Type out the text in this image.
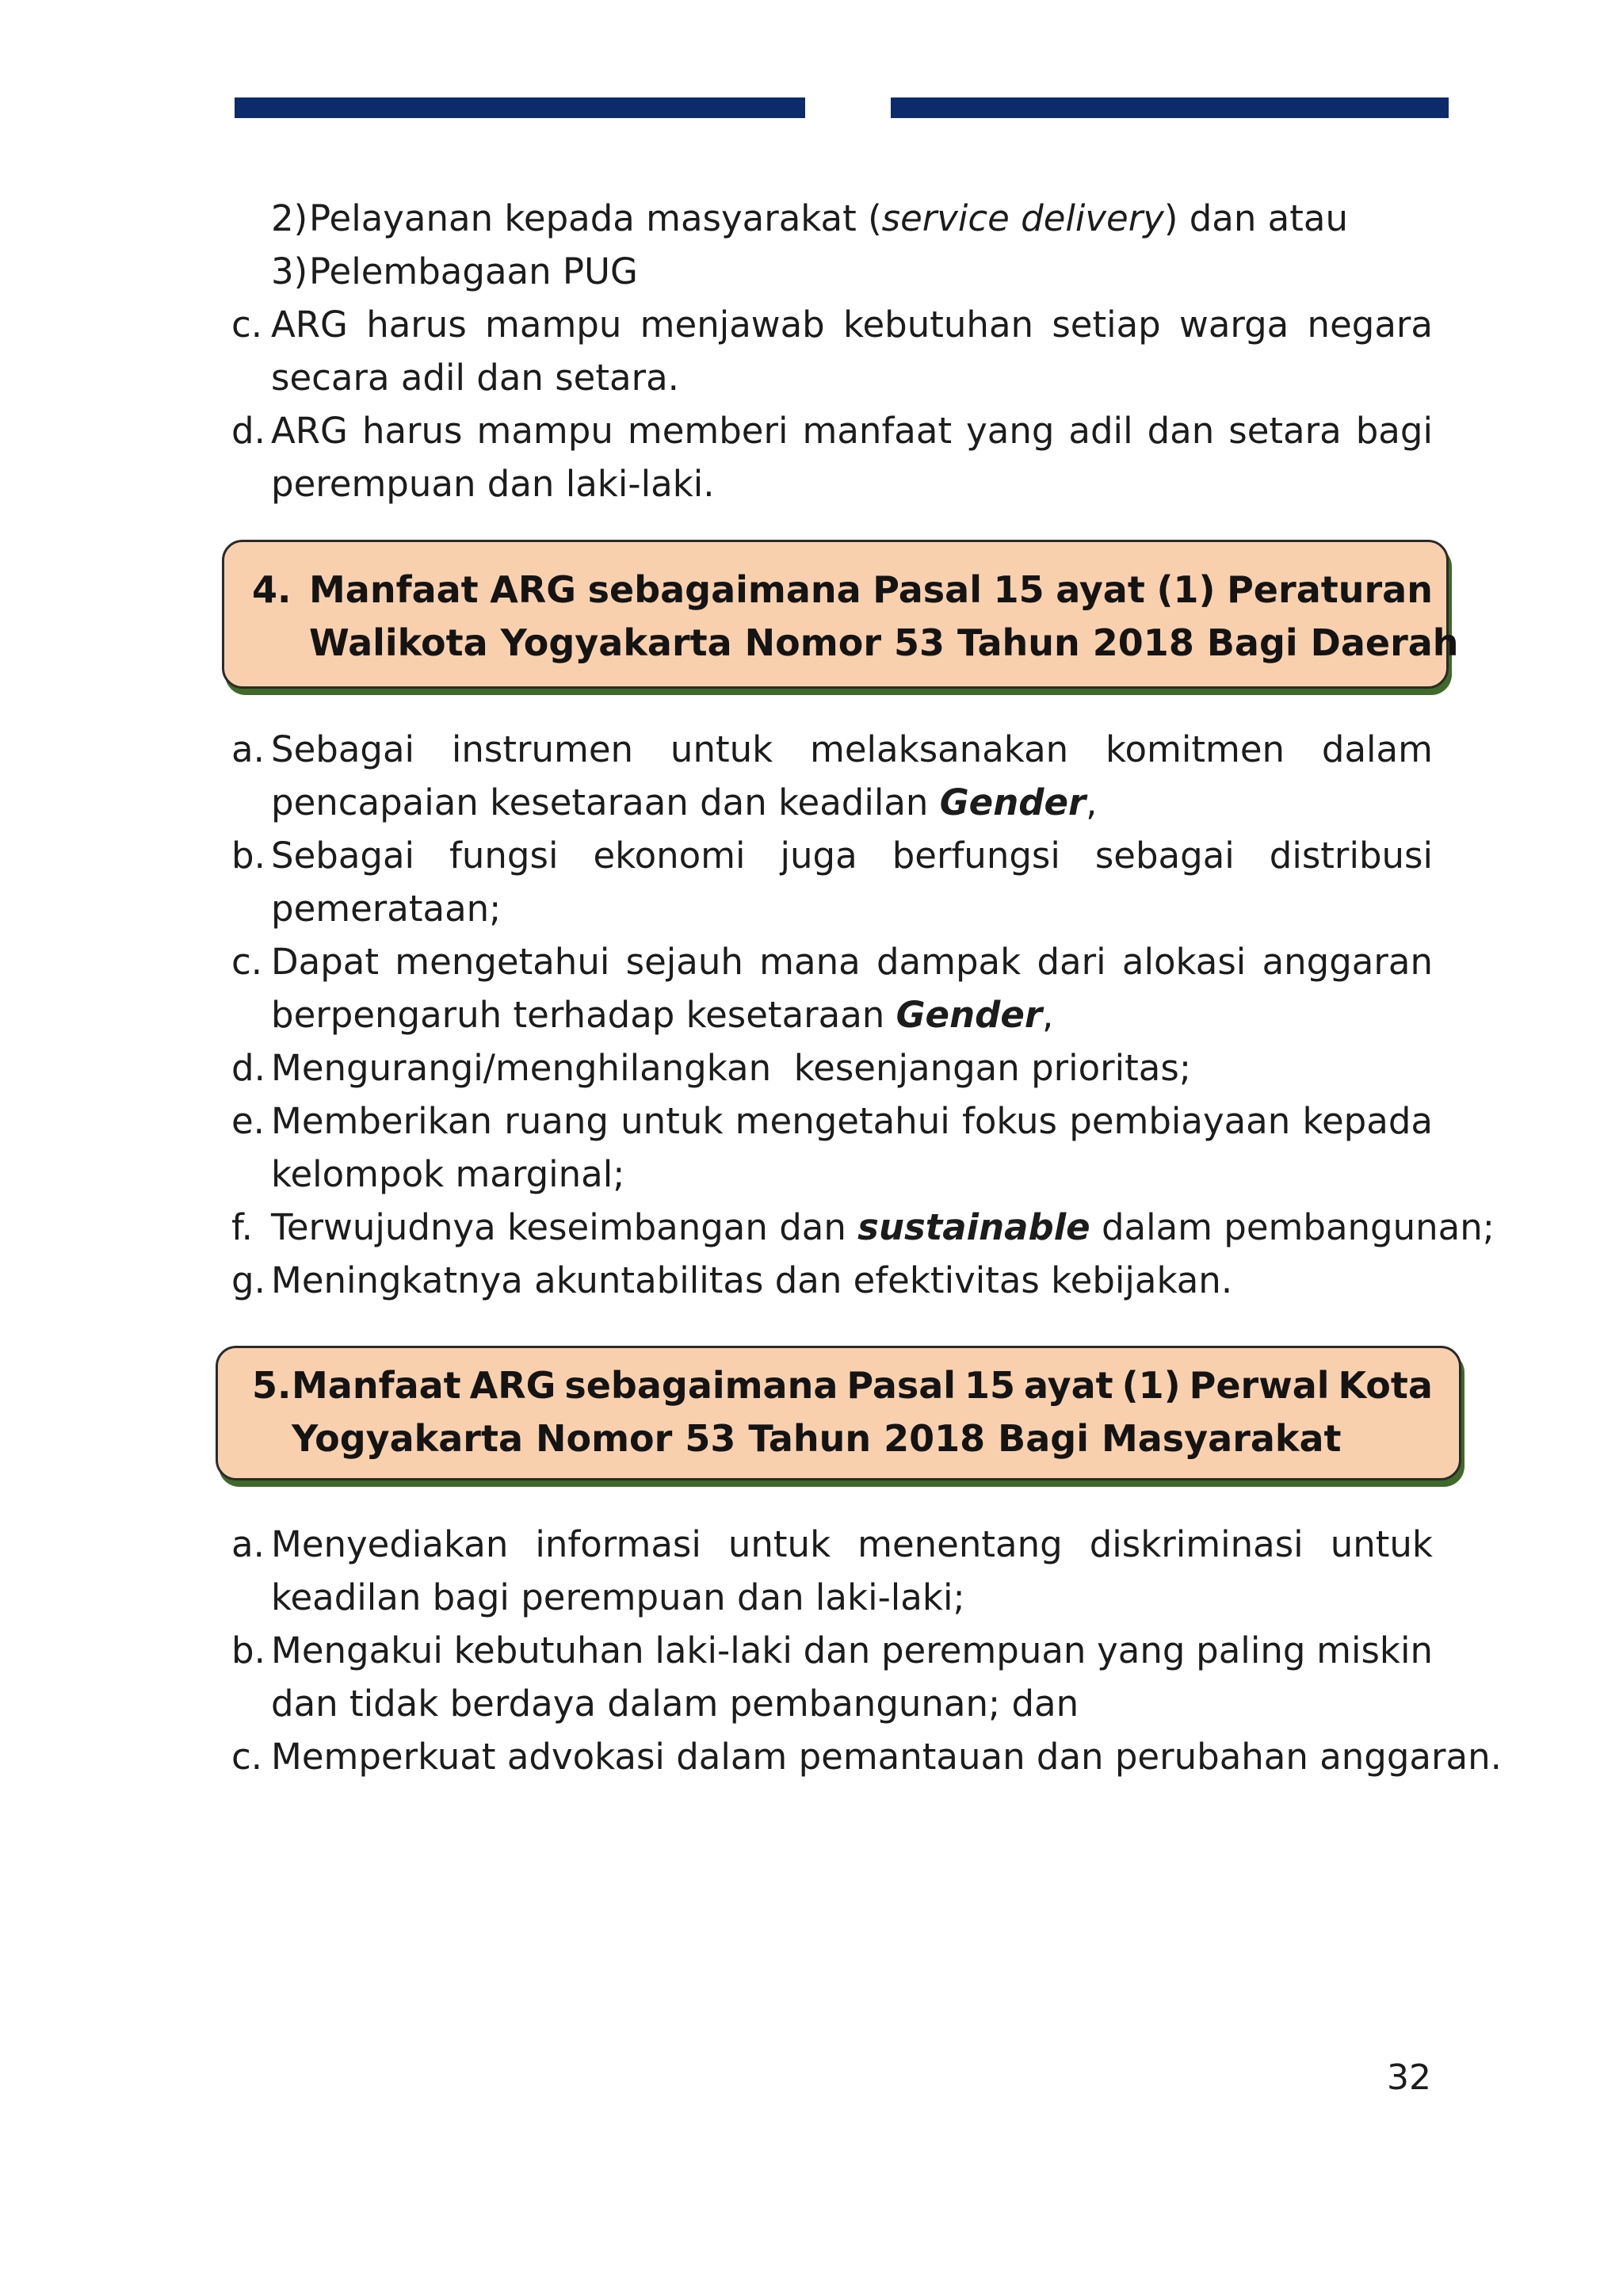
2) Pelayanan kepada masyarakat (service delivery) dan atau
3) Pelembagaan PUG
c. ARG harus mampu menjawab kebutuhan setiap warga negara
secara adil dan setara.
d. ARG harus mampu memberi manfaat yang adil dan setara bagi
perempuan dan laki-laki.
4. Manfaat ARG sebagaimana Pasal 15 ayat (1) Peraturan
Walikota Yogyakarta Nomor 53 Tahun 2018 Bagi Daerah
a. Sebagai instrumen untuk melaksanakan komitmen dalam
pencapaian kesetaraan dan keadilan Gender,
b. Sebagai fungsi ekonomi juga berfungsi sebagai distribusi
pemerataan;
c. Dapat mengetahui sejauh mana dampak dari alokasi anggaran
berpengaruh terhadap kesetaraan Gender,
d. Mengurangi/menghilangkan  kesenjangan prioritas;
e. Memberikan ruang untuk mengetahui fokus pembiayaan kepada
kelompok marginal;
f. Terwujudnya keseimbangan dan sustainable dalam pembangunan;
g. Meningkatnya akuntabilitas dan efektivitas kebijakan.
5. Manfaat ARG sebagaimana Pasal 15 ayat (1) Perwal Kota
Yogyakarta Nomor 53 Tahun 2018 Bagi Masyarakat
a. Menyediakan informasi untuk menentang diskriminasi untuk
keadilan bagi perempuan dan laki-laki;
b. Mengakui kebutuhan laki-laki dan perempuan yang paling miskin
dan tidak berdaya dalam pembangunan; dan
c. Memperkuat advokasi dalam pemantauan dan perubahan anggaran.
32
